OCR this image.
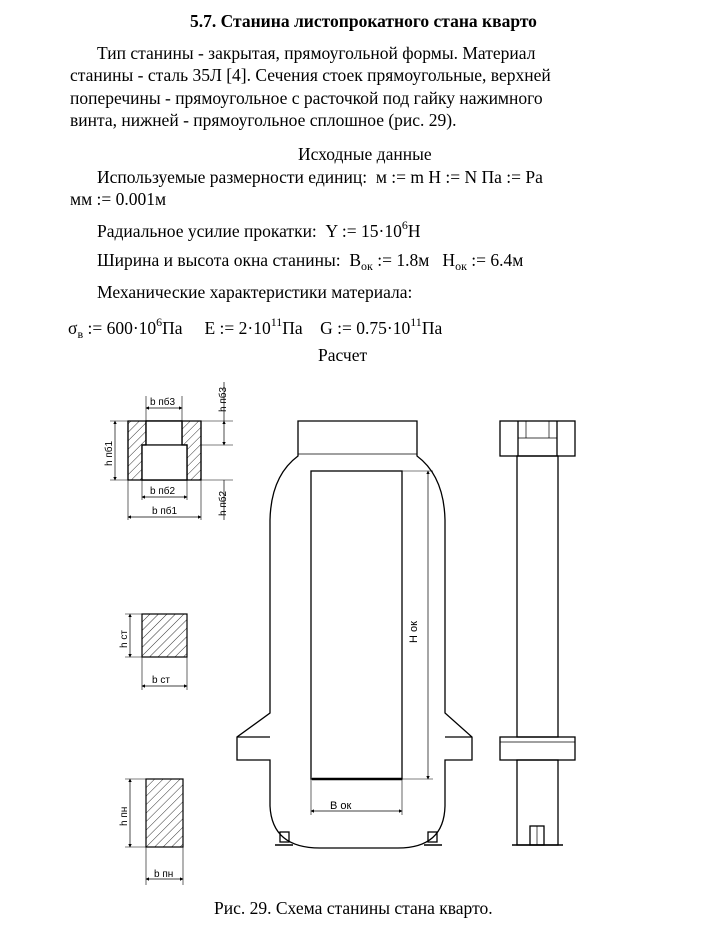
5.7. Станина листопрокатного стана кварто
Тип станины - закрытая, прямоугольной формы. Материал
станины - сталь 35Л [4]. Сечения стоек прямоугольные, верхней
поперечины - прямоугольное с расточкой под гайку нажимного
винта, нижней - прямоугольное сплошное (рис. 29).
Исходные данные
Используемые размерности единиц: м := m H := N Па := Pa
мм := 0.001м
Радиальное усилие прокатки: Y := $15\cdot 10^6Н$
Ширина и высота окна станины: $B_{ок}$ := 1.8м $H_{ок}$ := 6.4м
Механические характеристики материала:
$\sigma_в$ := $600\cdot 10^6Па$ E := $2\cdot 10^{11}Па$ G := $0.75\cdot 10^{11}Па$
Расчет
b пб3	h пб3
h пб1
b пб2	h пб2
b пб1
h ст
b ст
h пн
b пн
H ок
B ок
Рис. 29. Схема станины стана кварто.
